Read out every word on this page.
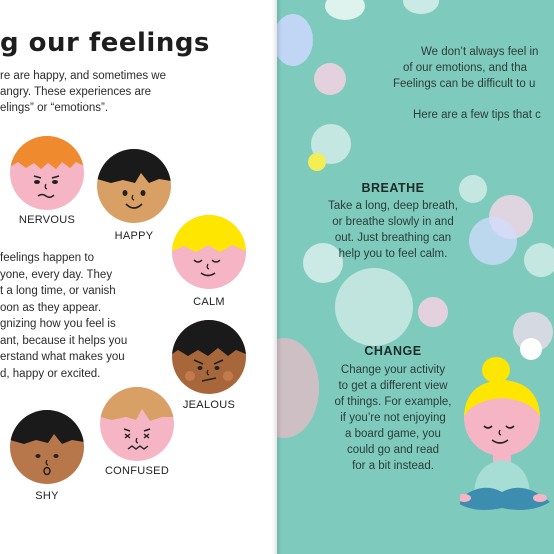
g our feelings
re are happy, and sometimes we
angry. These experiences are
elings” or “emotions”.
feelings happen to
yone, every day. They
t a long time, or vanish
oon as they appear.
gnizing how you feel is
ant, because it helps you
erstand what makes you
d, happy or excited.
NERVOUS
HAPPY
CALM
JEALOUS
CONFUSED
SHY
We don’t always feel in
of our emotions, and tha
Feelings can be difficult to u
Here are a few tips that c
BREATHE
Take a long, deep breath,
or breathe slowly in and
out. Just breathing can
help you to feel calm.
CHANGE
Change your activity
to get a different view
of things. For example,
if you’re not enjoying
a board game, you
could go and read
for a bit instead.
